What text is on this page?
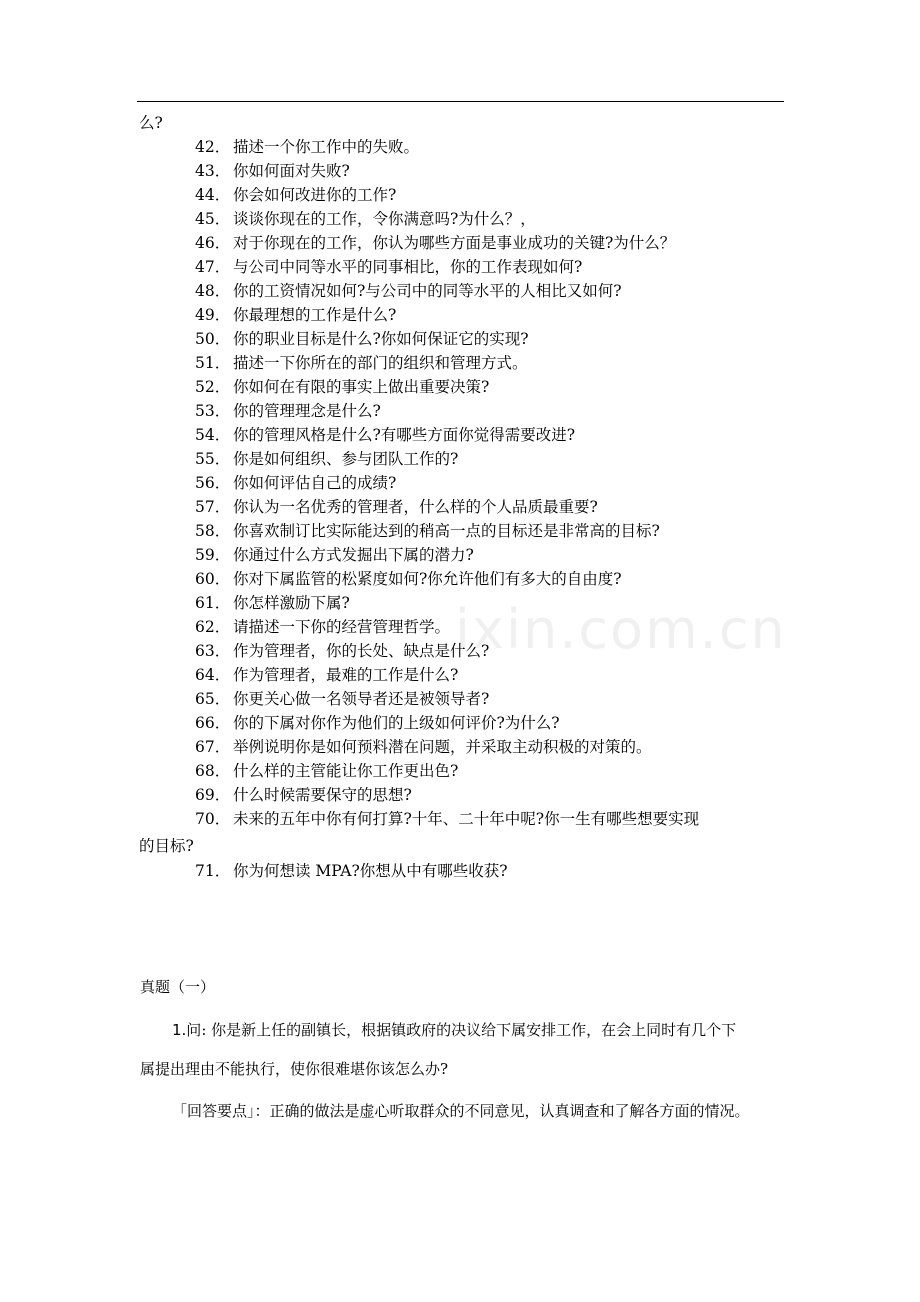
么?
42． 描述一个你工作中的失败。
43． 你如何面对失败?
44． 你会如何改进你的工作?
45． 谈谈你现在的工作，令你满意吗?为什么？，
46． 对于你现在的工作，你认为哪些方面是事业成功的关键?为什么？
47． 与公司中同等水平的同事相比，你的工作表现如何?
48． 你的工资情况如何?与公司中的同等水平的人相比又如何?
49． 你最理想的工作是什么?
50． 你的职业目标是什么?你如何保证它的实现?
51． 描述一下你所在的部门的组织和管理方式。
52． 你如何在有限的事实上做出重要决策?
53． 你的管理理念是什么?
54． 你的管理风格是什么?有哪些方面你觉得需要改进?
55． 你是如何组织、参与团队工作的?
56． 你如何评估自己的成绩?
57． 你认为一名优秀的管理者，什么样的个人品质最重要?
58． 你喜欢制订比实际能达到的稍高一点的目标还是非常高的目标?
59． 你通过什么方式发掘出下属的潜力?
60． 你对下属监管的松紧度如何?你允许他们有多大的自由度?
61． 你怎样激励下属?
62． 请描述一下你的经营管理哲学。
63． 作为管理者，你的长处、缺点是什么?
64． 作为管理者，最难的工作是什么?
65． 你更关心做一名领导者还是被领导者?
66． 你的下属对你作为他们的上级如何评价?为什么?
67． 举例说明你是如何预料潜在问题，并采取主动积极的对策的。
68． 什么样的主管能让你工作更出色?
69． 什么时候需要保守的思想?
70． 未来的五年中你有何打算?十年、二十年中呢?你一生有哪些想要实现
的目标?
71． 你为何想读 MPA?你想从中有哪些收获?
ixin.com.cn
真题（一）
1.问: 你是新上任的副镇长，根据镇政府的决议给下属安排工作，在会上同时有几个下
属提出理由不能执行，使你很难堪你该怎么办?
「回答要点」：正确的做法是虚心听取群众的不同意见，认真调查和了解各方面的情况。
